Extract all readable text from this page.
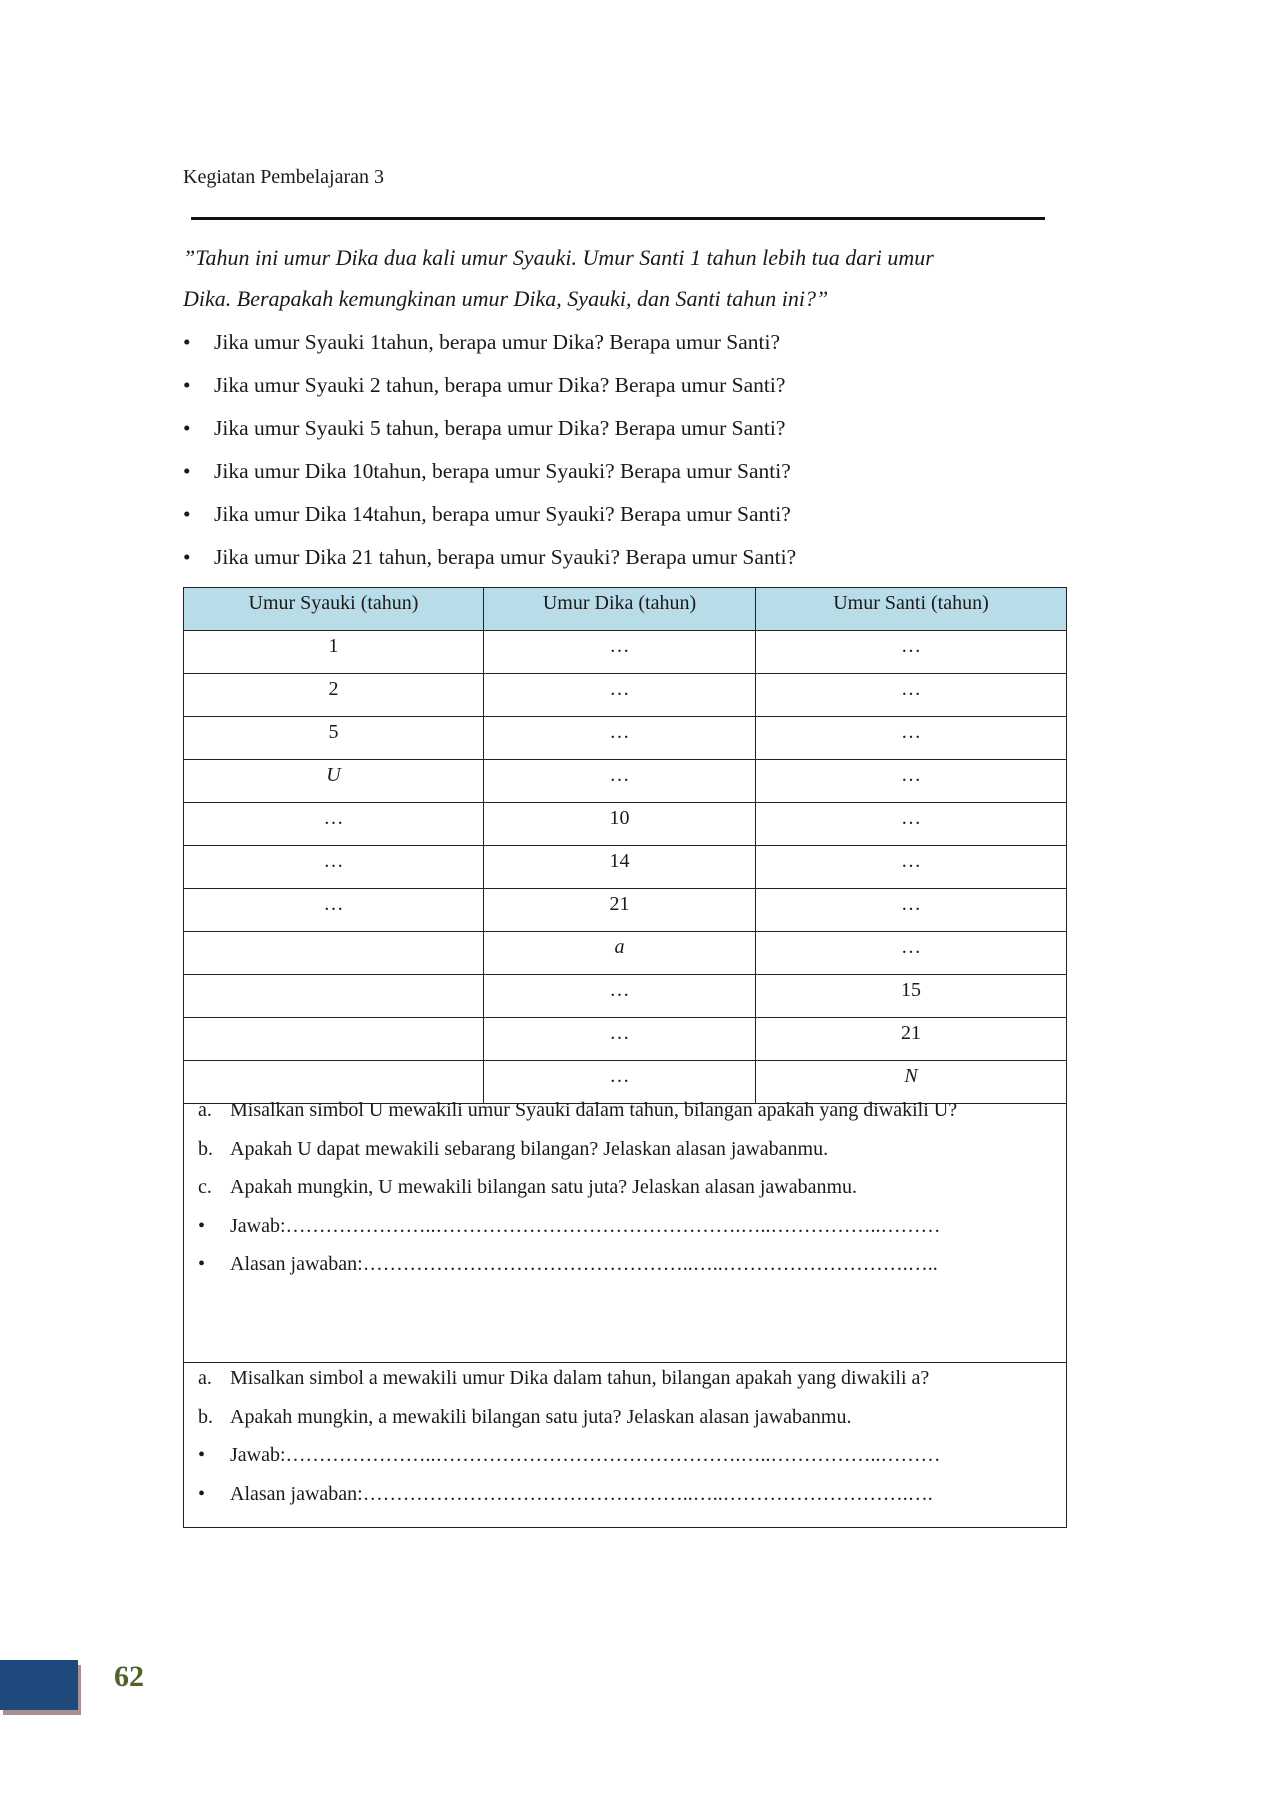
Kegiatan Pembelajaran 3
”Tahun ini umur Dika dua kali umur Syauki. Umur Santi 1 tahun lebih tua dari umur
Dika. Berapakah kemungkinan umur Dika, Syauki, dan Santi tahun ini?”
Umur Syauki (tahun)	Umur Dika (tahun)	Umur Santi (tahun)
1	…	…
2	…	…
5	…	…
U	…	…
…	10	…
…	14	…
…	21	…
	a	…
	…	15
	…	21
	…	N
a. Misalkan simbol U mewakili umur Syauki dalam tahun, bilangan apakah yang diwakili U?
b. Apakah U dapat mewakili sebarang bilangan? Jelaskan alasan jawabanmu.
c. Apakah mungkin, U mewakili bilangan satu juta? Jelaskan alasan jawabanmu.
• Jawab:…………………..……………………………………….…..……………..………
• Alasan jawaban:…………………………………………..…..……………………….…..
a. Misalkan simbol a mewakili umur Dika dalam tahun, bilangan apakah yang diwakili a?
b. Apakah mungkin, a mewakili bilangan satu juta? Jelaskan alasan jawabanmu.
• Jawab:…………………..……………………………………….…..……………..………
• Alasan jawaban:…………………………………………..…..……………………….….
62
• Jika umur Syauki 1tahun, berapa umur Dika? Berapa umur Santi?
• Jika umur Syauki 2 tahun, berapa umur Dika? Berapa umur Santi?
• Jika umur Syauki 5 tahun, berapa umur Dika? Berapa umur Santi?
• Jika umur Dika 10tahun, berapa umur Syauki? Berapa umur Santi?
• Jika umur Dika 14tahun, berapa umur Syauki? Berapa umur Santi?
• Jika umur Dika 21 tahun, berapa umur Syauki? Berapa umur Santi?
